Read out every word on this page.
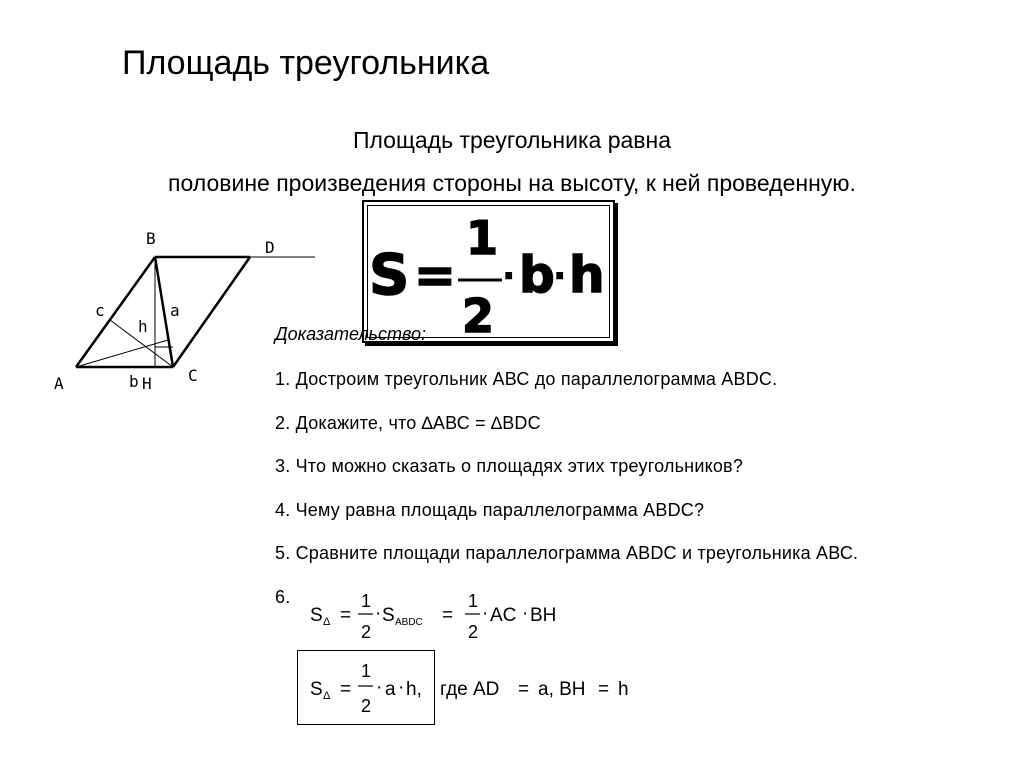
Площадь треугольника
Площадь треугольника равна
половине произведения стороны на высоту, к ней проведенную.
S =
1
2
· b · h
B	D
c	a
h
A	b H C
Доказательство:
1. Достроим треугольник АВС до параллелограмма ABDC.
2. Докажите, что ∆АВС = ∆BDC
3. Что можно сказать о площадях этих треугольников?
4. Чему равна площадь параллелограмма ABDC?
5. Сравните площади параллелограмма ABDC и треугольника АВС.
6.
S Δ =
1
2
· S ABDC =
1
2
· AC · BH
S Δ =
1
2
· a · h, где AD = a, BH = h
